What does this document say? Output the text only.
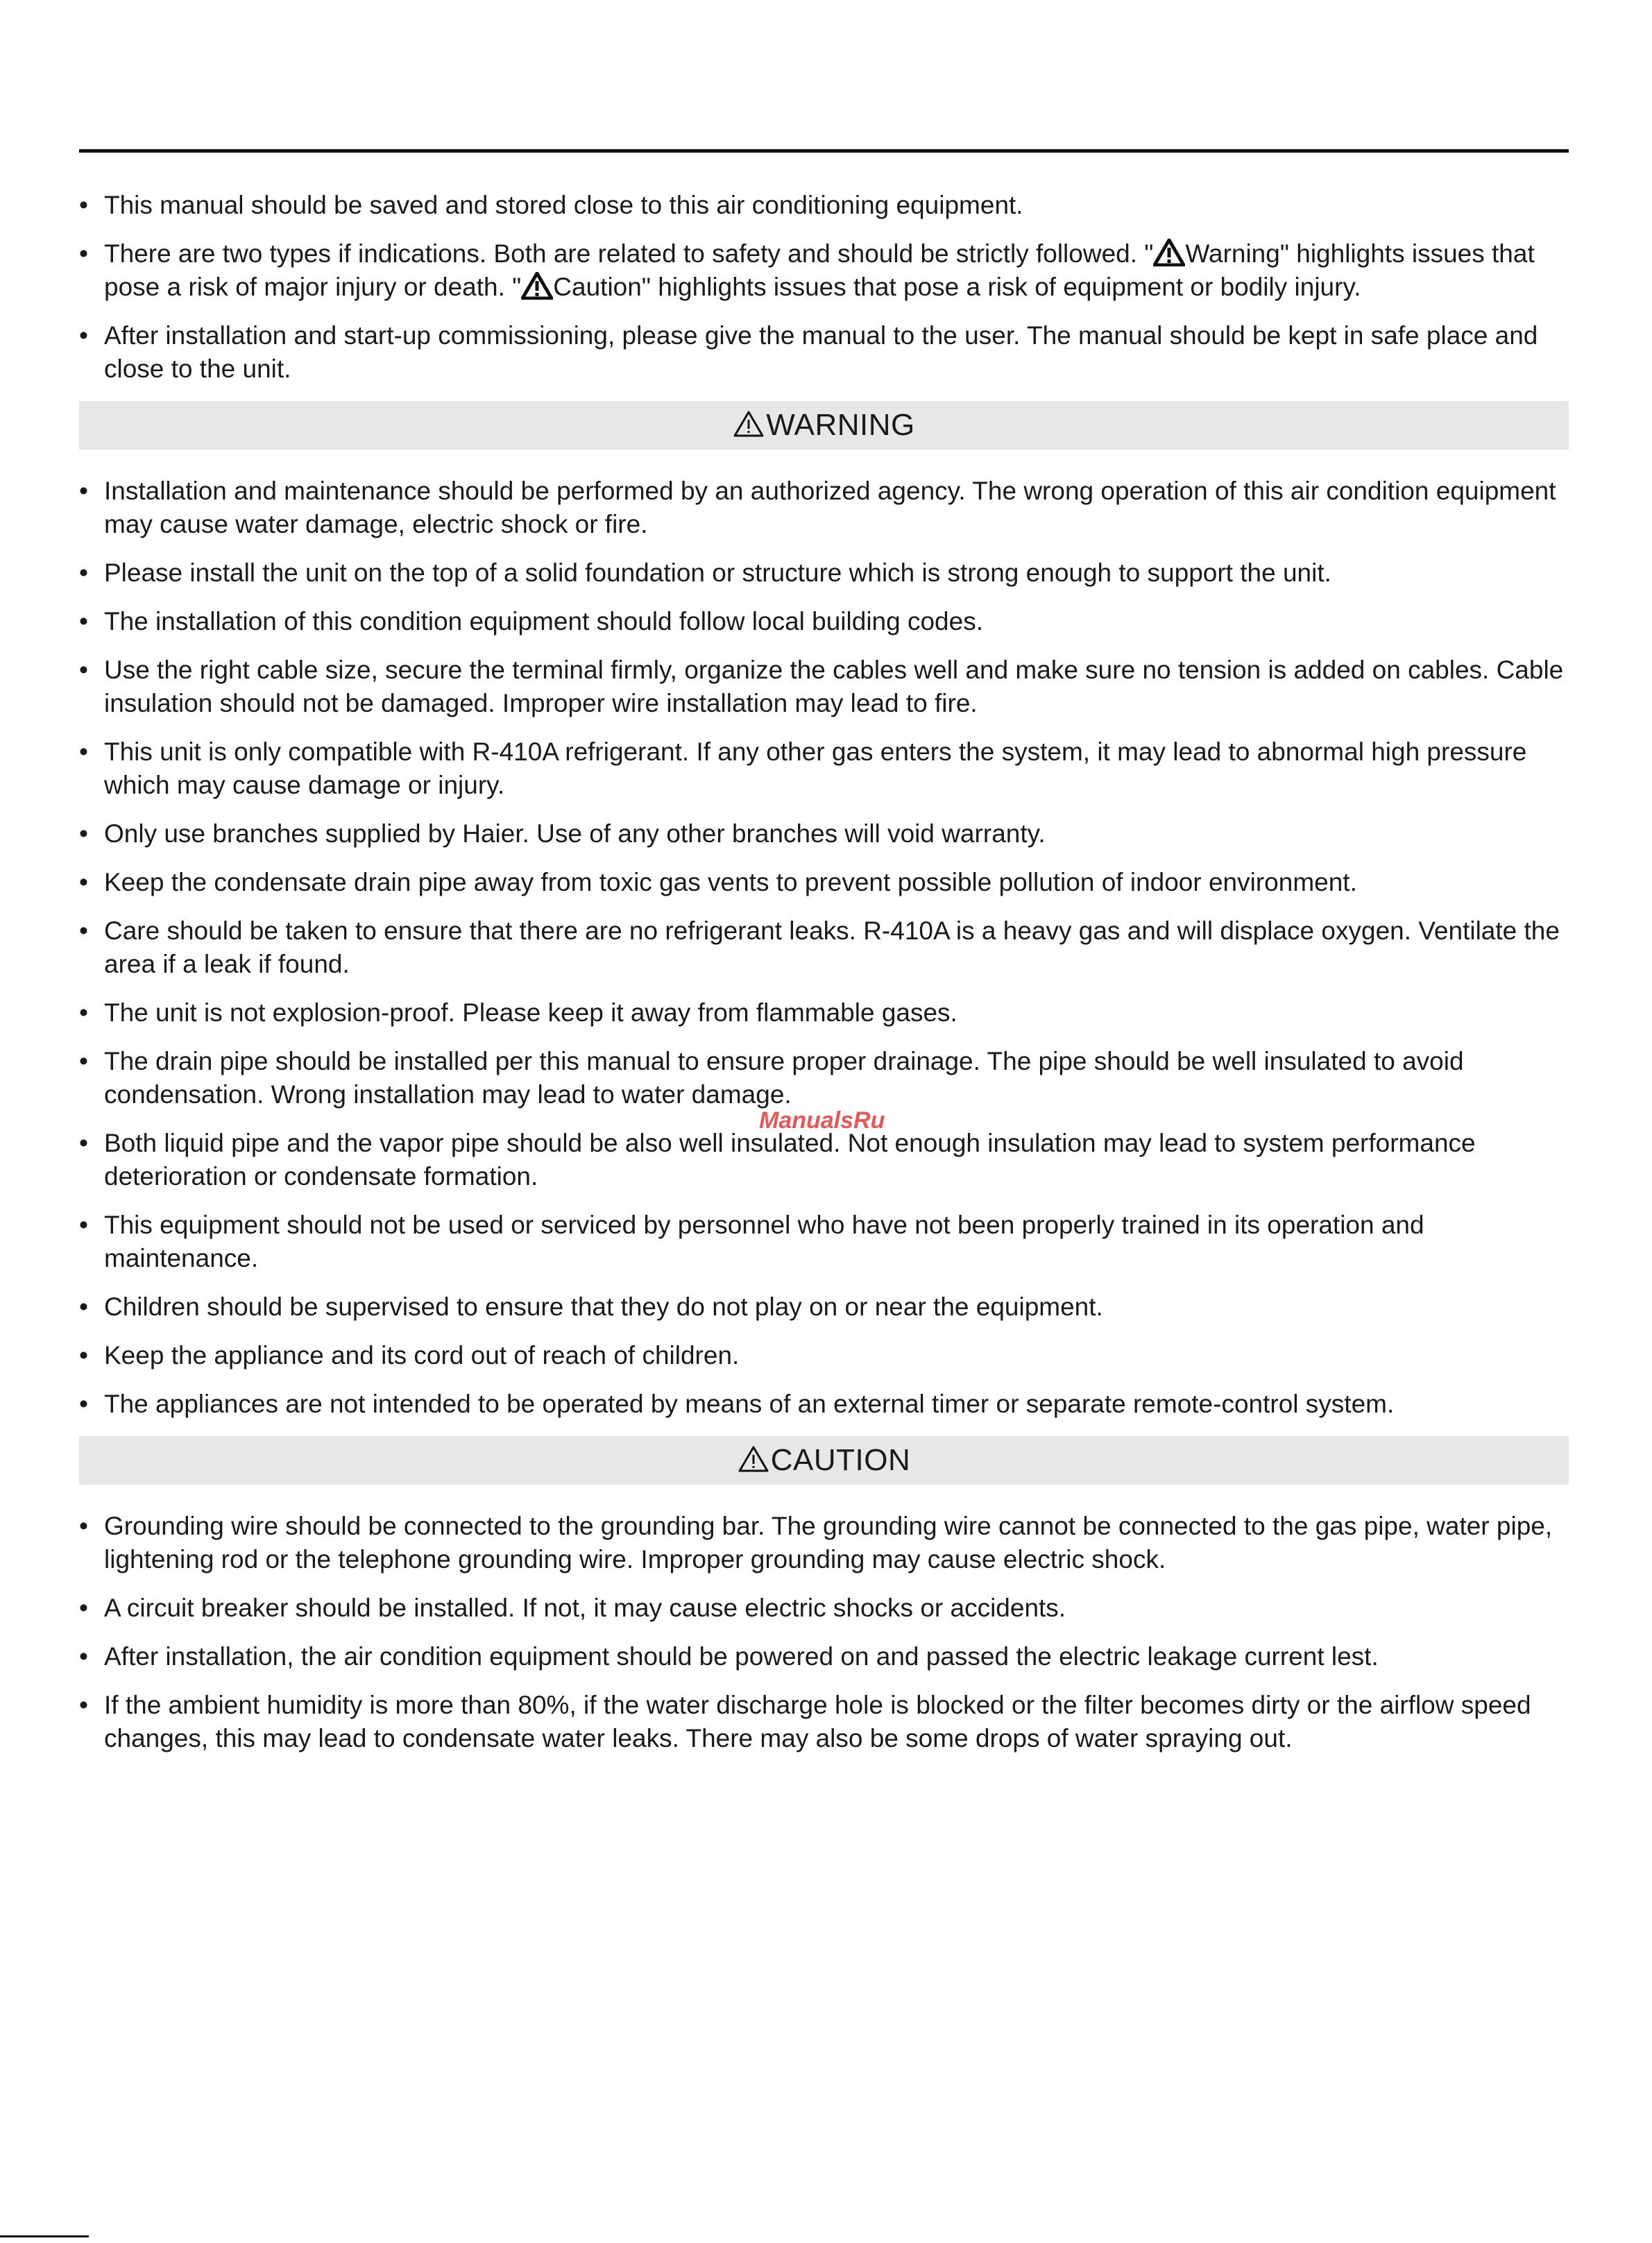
• This manual should be saved and stored close to this air conditioning equipment.
• There are two types if indications. Both are related to safety and should be strictly followed. " Warning" highlights issues that pose a risk of major injury or death. " Caution" highlights issues that pose a risk of equipment or bodily injury.
• After installation and start-up commissioning, please give the manual to the user. The manual should be kept in safe place and close to the unit.
WARNING
• Installation and maintenance should be performed by an authorized agency. The wrong operation of this air condition equipment may cause water damage, electric shock or fire.
• Please install the unit on the top of a solid foundation or structure which is strong enough to support the unit.
• The installation of this condition equipment should follow local building codes.
• Use the right cable size, secure the terminal firmly, organize the cables well and make sure no tension is added on cables. Cable insulation should not be damaged. Improper wire installation may lead to fire.
• This unit is only compatible with R-410A refrigerant. If any other gas enters the system, it may lead to abnormal high pressure which may cause damage or injury.
• Only use branches supplied by Haier. Use of any other branches will void warranty.
• Keep the condensate drain pipe away from toxic gas vents to prevent possible pollution of indoor environment.
• Care should be taken to ensure that there are no refrigerant leaks. R-410A is a heavy gas and will displace oxygen. Ventilate the area if a leak if found.
• The unit is not explosion-proof. Please keep it away from flammable gases.
• The drain pipe should be installed per this manual to ensure proper drainage. The pipe should be well insulated to avoid condensation. Wrong installation may lead to water damage.
• Both liquid pipe and the vapor pipe should be also well insulated. Not enough insulation may lead to system performance deterioration or condensate formation.
• This equipment should not be used or serviced by personnel who have not been properly trained in its operation and maintenance.
• Children should be supervised to ensure that they do not play on or near the equipment.
• Keep the appliance and its cord out of reach of children.
• The appliances are not intended to be operated by means of an external timer or separate remote-control system.
CAUTION
• Grounding wire should be connected to the grounding bar. The grounding wire cannot be connected to the gas pipe, water pipe, lightening rod or the telephone grounding wire. Improper grounding may cause electric shock.
• A circuit breaker should be installed. If not, it may cause electric shocks or accidents.
• After installation, the air condition equipment should be powered on and passed the electric leakage current lest.
• If the ambient humidity is more than 80%, if the water discharge hole is blocked or the filter becomes dirty or the airflow speed changes, this may lead to condensate water leaks. There may also be some drops of water spraying out.
ManualsRu
